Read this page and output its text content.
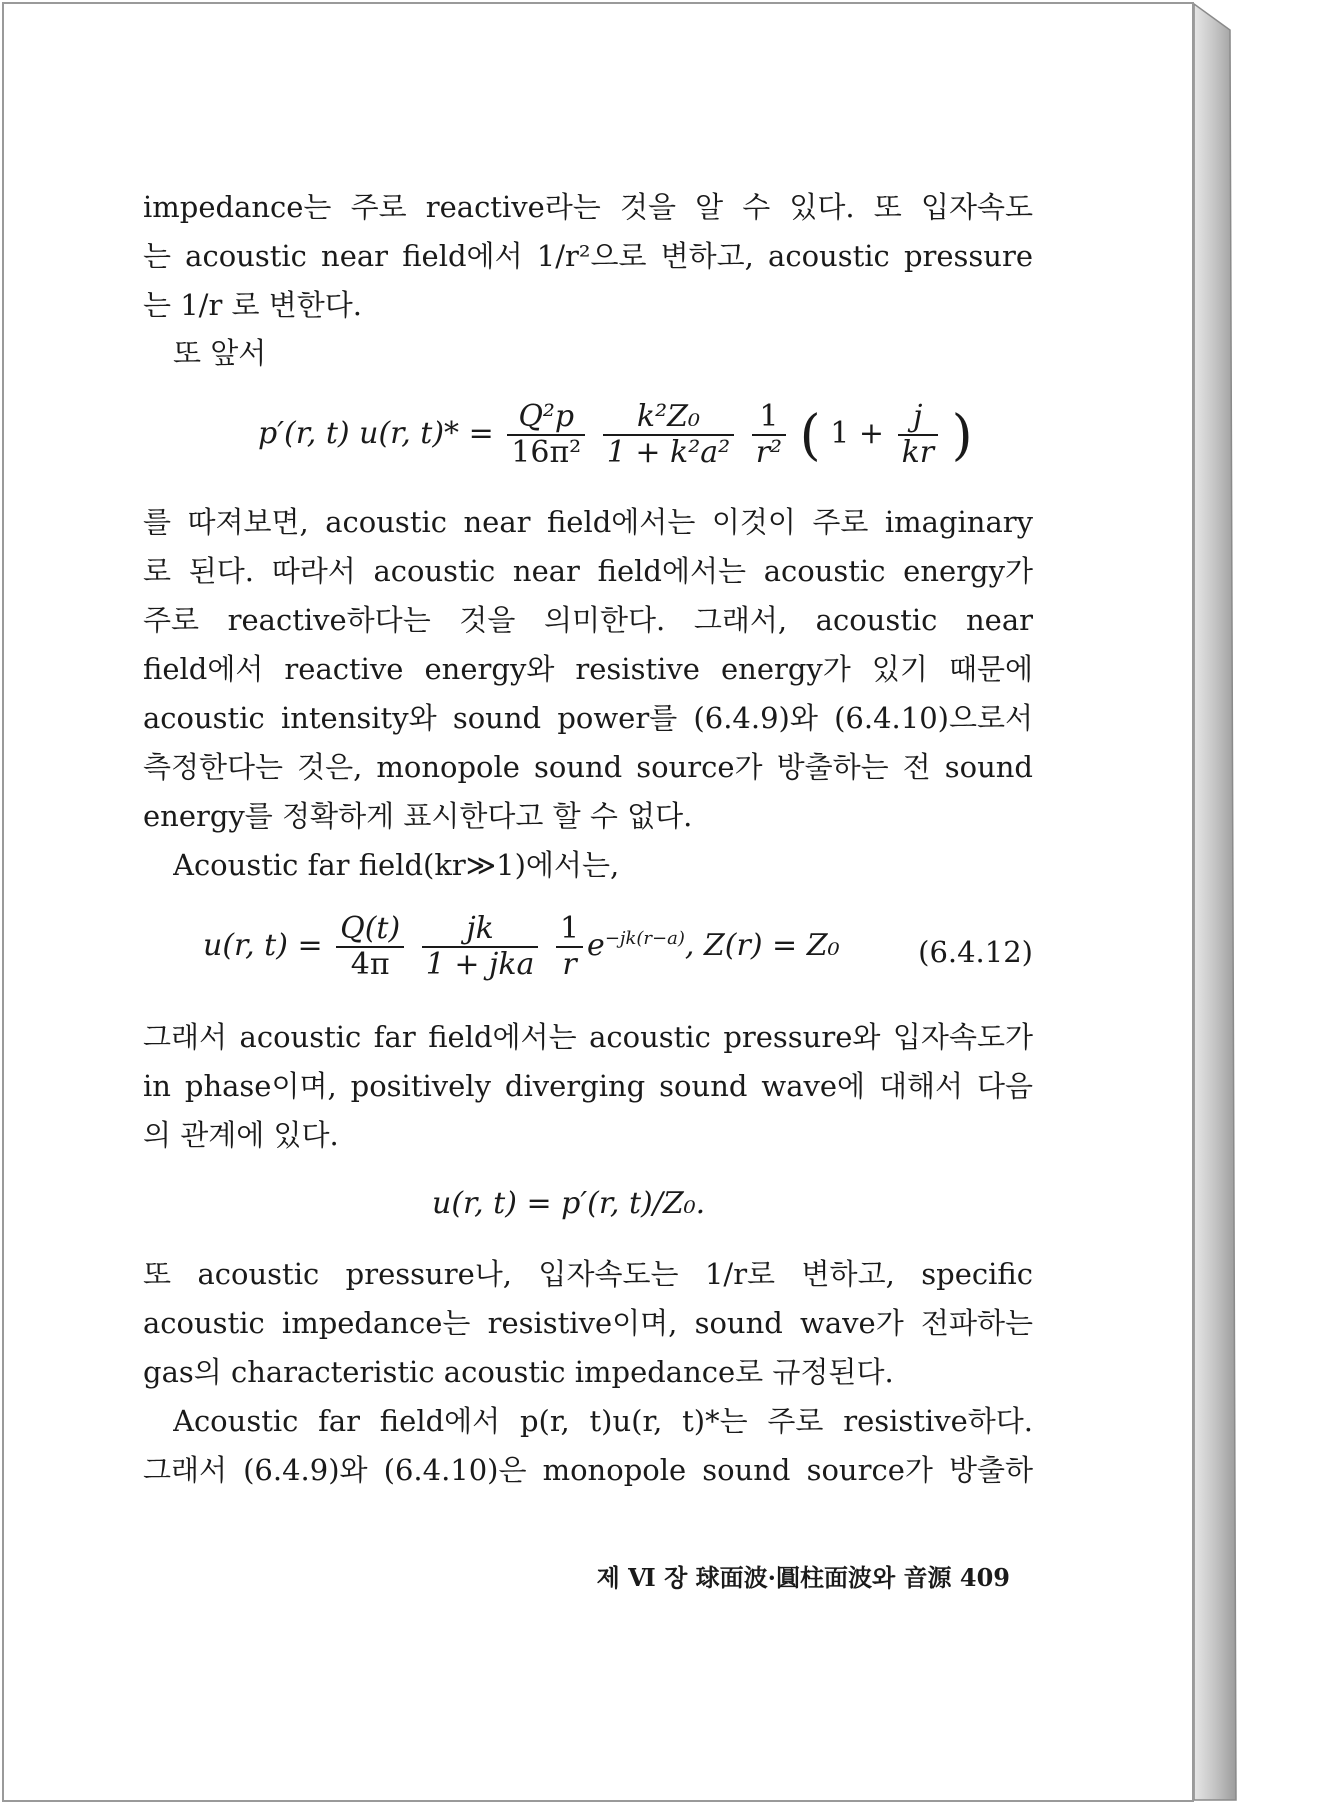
impedance는 주로 reactive라는 것을 알 수 있다. 또 입자속도
는 acoustic near field에서 1/r²으로 변하고, acoustic pressure
는 1/r 로 변한다.
또 앞서
p′(r, t) u(r, $t)* = \frac{\text{Q²p}}{\text{16π²}}$
$\frac{\text{k²Z₀}}{\text{1 + k²a²}}$
$\frac{1}{\text{r²}}$ ( $1 + \frac{j}{kr}$ )
를 따져보면, acoustic near field에서는 이것이 주로 imaginary
로 된다. 따라서 acoustic near field에서는 acoustic energy가
주로 reactive하다는 것을 의미한다. 그래서, acoustic near
field에서 reactive energy와 resistive energy가 있기 때문에
acoustic intensity와 sound power를 (6.4.9)와 (6.4.10)으로서
측정한다는 것은, monopole sound source가 방출하는 전 sound
energy를 정확하게 표시한다고 할 수 없다.
Acoustic far field(kr≫1)에서는,
u(r, $t) = \frac{Q(t)}{4\pi}$
$\frac{jk}{\text{1 + jka}}$
$\frac{1}{r} e^{-jk(r-a)}$, Z(r) = Z₀	(6.4.12)
그래서 acoustic far field에서는 acoustic pressure와 입자속도가
in phase이며, positively diverging sound wave에 대해서 다음
의 관계에 있다.
u(r, t) = p′(r, t)/Z₀.
또 acoustic pressure나, 입자속도는 1/r로 변하고, specific
acoustic impedance는 resistive이며, sound wave가 전파하는
gas의 characteristic acoustic impedance로 규정된다.
Acoustic far field에서 p(r, t)u(r, t)*는 주로 resistive하다.
그래서 (6.4.9)와 (6.4.10)은 monopole sound source가 방출하
제 Ⅵ 장 球面波·圓柱面波와 音源 409
